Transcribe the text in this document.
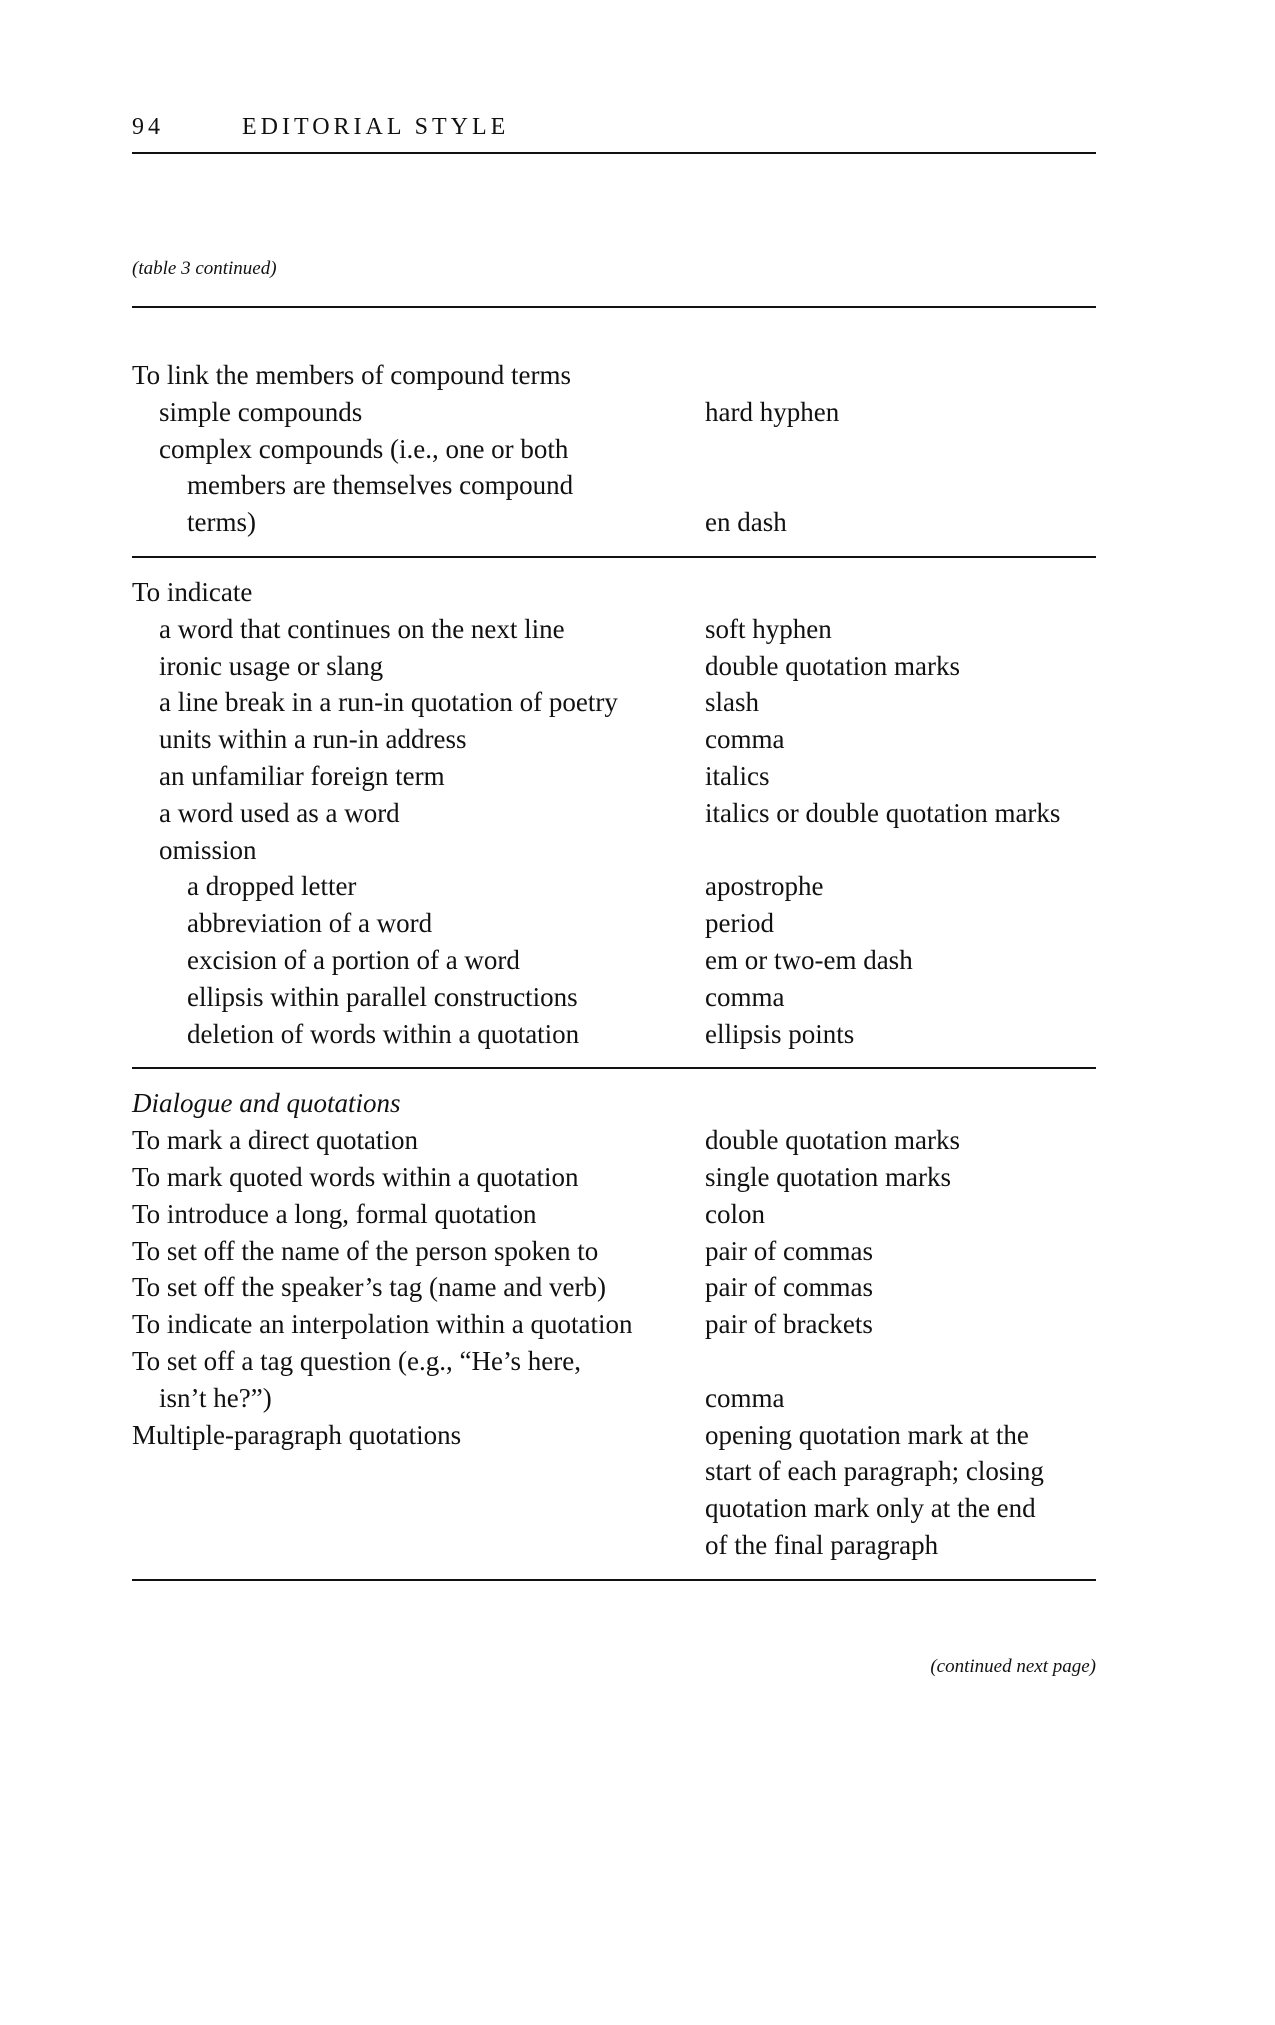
94	EDITORIAL STYLE
(table 3 continued)
To link the members of compound terms
simple compounds	hard hyphen
complex compounds (i.e., one or both
members are themselves compound
terms)	en dash
To indicate
a word that continues on the next line	soft hyphen
ironic usage or slang	double quotation marks
a line break in a run-in quotation of poetry	slash
units within a run-in address	comma
an unfamiliar foreign term	italics
a word used as a word	italics or double quotation marks
omission
a dropped letter	apostrophe
abbreviation of a word	period
excision of a portion of a word	em or two-em dash
ellipsis within parallel constructions	comma
deletion of words within a quotation	ellipsis points
Dialogue and quotations
To mark a direct quotation	double quotation marks
To mark quoted words within a quotation	single quotation marks
To introduce a long, formal quotation	colon
To set off the name of the person spoken to	pair of commas
To set off the speaker’s tag (name and verb)	pair of commas
To indicate an interpolation within a quotation	pair of brackets
To set off a tag question (e.g., “He’s here,
isn’t he?”)	comma
Multiple-paragraph quotations	opening quotation mark at the
start of each paragraph; closing
quotation mark only at the end
of the final paragraph
(continued next page)
